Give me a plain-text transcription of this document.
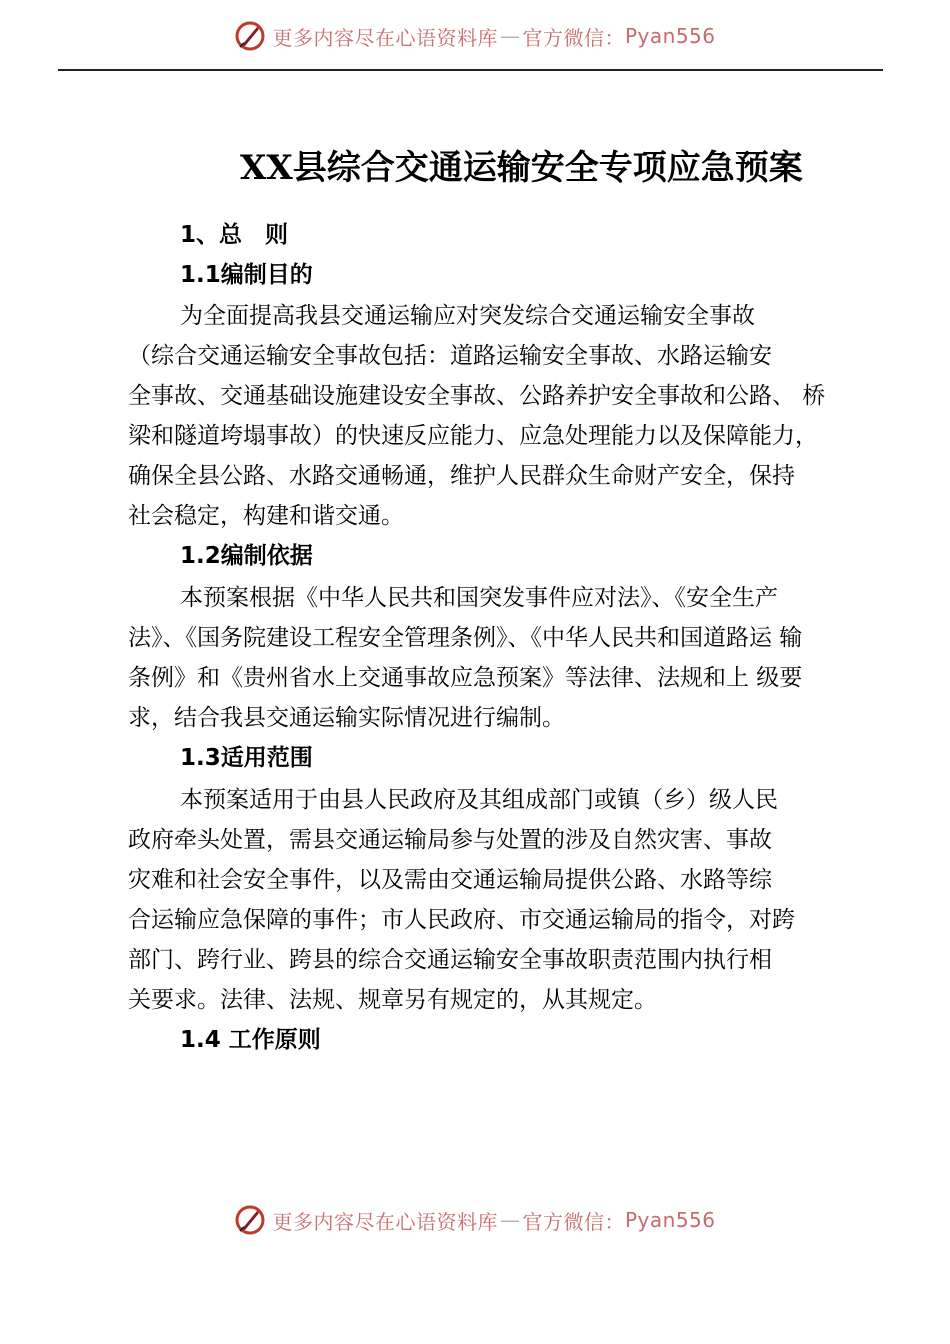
更多内容尽在心语资料库 — 官方微信： Pyan556
XX县综合交通运输安全专项应急预案
1、总　则
1.1编制目的
为全面提高我县交通运输应对突发综合交通运输安全事故
（综合交通运输安全事故包括：道路运输安全事故、水路运输安
全事故、交通基础设施建设安全事故、公路养护安全事故和公路、 桥
梁和隧道垮塌事故）的快速反应能力、应急处理能力以及保障能力，
确保全县公路、水路交通畅通，维护人民群众生命财产安全，保持
社会稳定，构建和谐交通。
1.2编制依据
本预案根据《中华人民共和国突发事件应对法》、《安全生产
法》、《国务院建设工程安全管理条例》、《中华人民共和国道路运 输
条例》和《贵州省水上交通事故应急预案》等法律、法规和上 级要
求，结合我县交通运输实际情况进行编制。
1.3适用范围
本预案适用于由县人民政府及其组成部门或镇（乡）级人民
政府牵头处置，需县交通运输局参与处置的涉及自然灾害、事故
灾难和社会安全事件，以及需由交通运输局提供公路、水路等综
合运输应急保障的事件；市人民政府、市交通运输局的指令，对跨
部门、跨行业、跨县的综合交通运输安全事故职责范围内执行相
关要求。法律、法规、规章另有规定的，从其规定。
1.4 工作原则
更多内容尽在心语资料库 — 官方微信： Pyan556
